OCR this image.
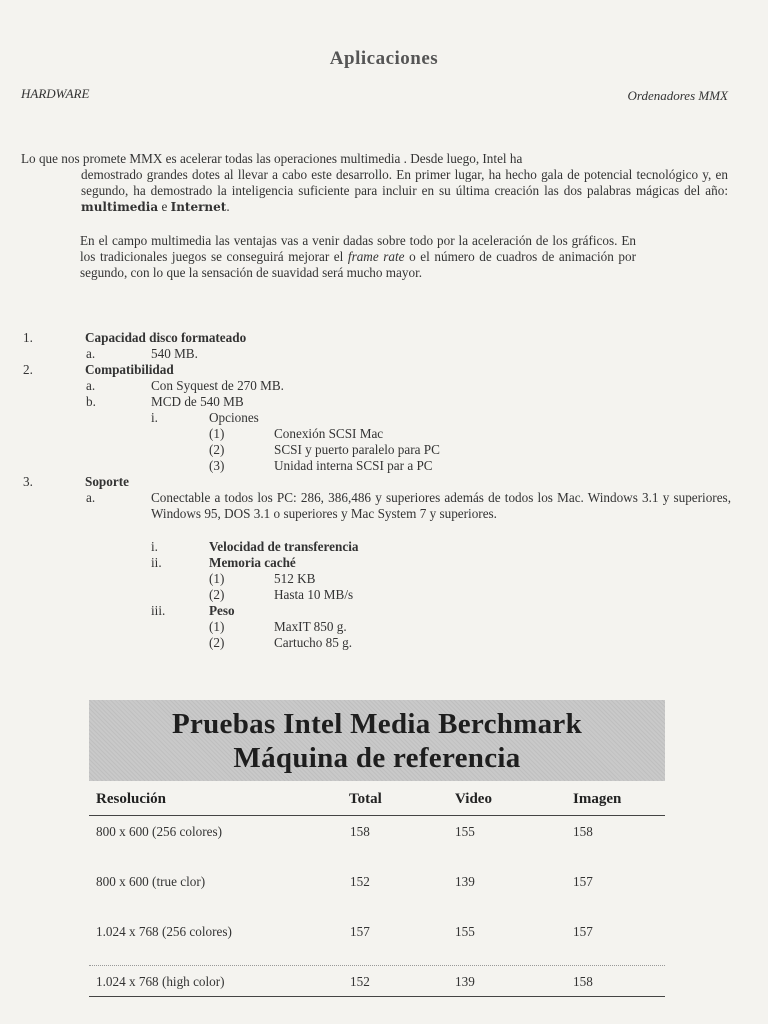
Aplicaciones
HARDWARE	Ordenadores MMX
Lo que nos promete MMX es acelerar todas las operaciones multimedia . Desde luego, Intel ha
demostrado grandes dotes al llevar a cabo este desarrollo. En primer lugar, ha hecho gala de potencial tecnológico y, en segundo, ha demostrado la inteligencia suficiente para incluir en su última creación las dos palabras mágicas del año: multimedia e Internet.
En el campo multimedia las ventajas vas a venir dadas sobre todo por la aceleración de los gráficos. En los tradicionales juegos se conseguirá mejorar el frame rate o el número de cuadros de animación por segundo, con lo que la sensación de suavidad será mucho mayor.
1.	Capacidad disco formateado
a.	540 MB.
2.	Compatibilidad
a.	Con Syquest de 270 MB.
b.	MCD de 540 MB
i.	Opciones
(1)	Conexión SCSI Mac
(2)	SCSI y puerto paralelo para PC
(3)	Unidad interna SCSI par a PC
3.	Soporte
a.	Conectable a todos los PC: 286, 386,486 y superiores además de todos los Mac. Windows 3.1 y superiores, Windows 95, DOS 3.1 o superiores y Mac System 7 y superiores.
i.	Velocidad de transferencia
ii.	Memoria caché
(1)	512 KB
(2)	Hasta 10 MB/s
iii.	Peso
(1)	MaxIT 850 g.
(2)	Cartucho 85 g.
Pruebas Intel Media Berchmark
Máquina de referencia
Resolución	Total	Video	Imagen
800 x 600 (256 colores)	158	155	158
800 x 600 (true clor)	152	139	157
1.024 x 768 (256 colores)	157	155	157
1.024 x 768 (high color)	152	139	158
